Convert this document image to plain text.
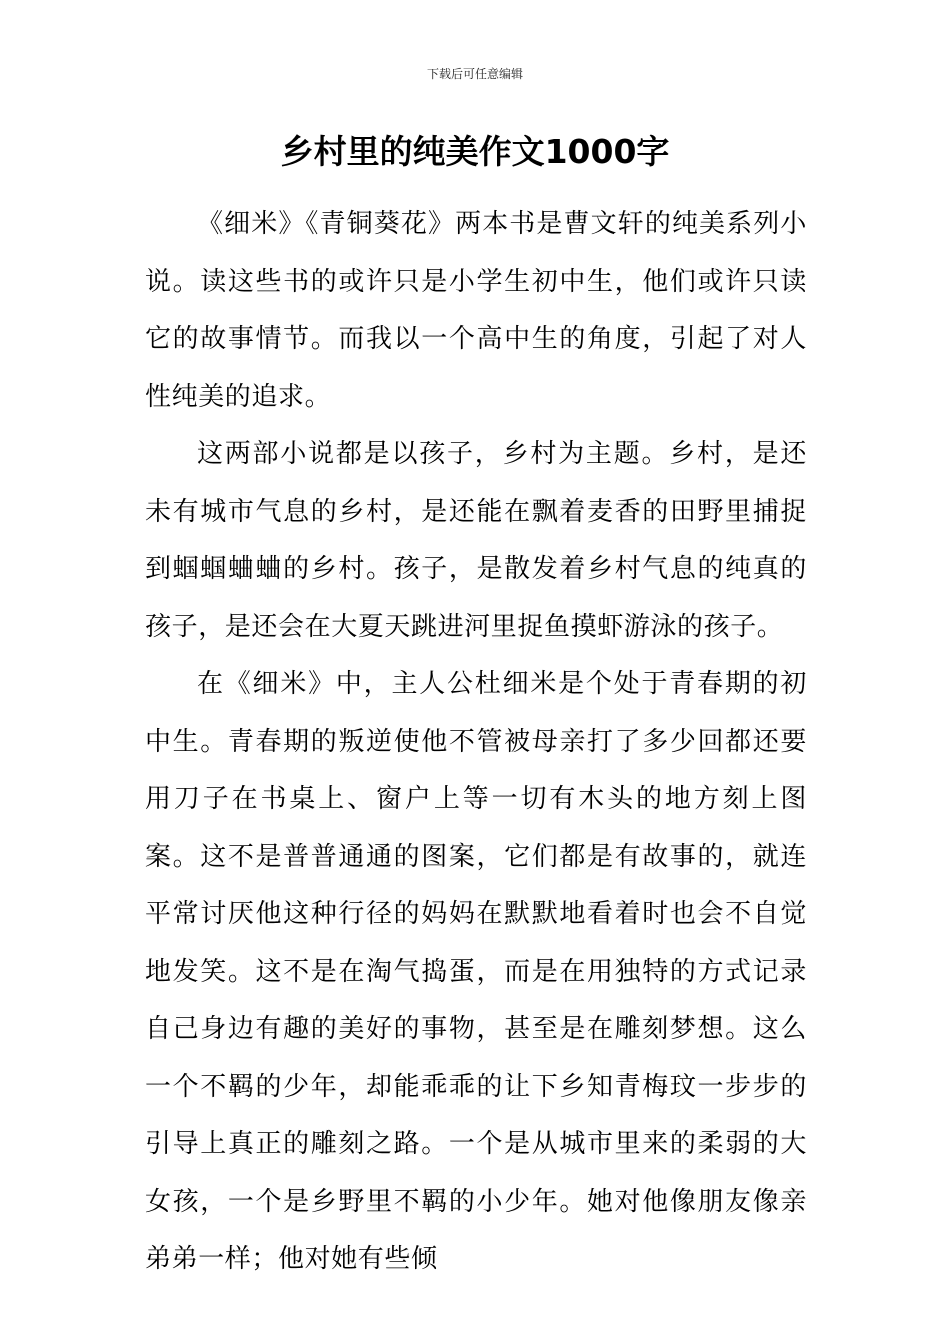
下载后可任意编辑
乡村里的纯美作文1000字

《细米》《青铜葵花》两本书是曹文轩的纯美系列小说。读这些书的或许只是小学生初中生，他们或许只读它的故事情节。而我以一个高中生的角度，引起了对人性纯美的追求。

这两部小说都是以孩子，乡村为主题。乡村，是还未有城市气息的乡村，是还能在飘着麦香的田野里捕捉到蝈蝈蛐蛐的乡村。孩子，是散发着乡村气息的纯真的孩子，是还会在大夏天跳进河里捉鱼摸虾游泳的孩子。

在《细米》中，主人公杜细米是个处于青春期的初中生。青春期的叛逆使他不管被母亲打了多少回都还要用刀子在书桌上、窗户上等一切有木头的地方刻上图案。这不是普普通通的图案，它们都是有故事的，就连平常讨厌他这种行径的妈妈在默默地看着时也会不自觉地发笑。这不是在淘气捣蛋，而是在用独特的方式记录自己身边有趣的美好的事物，甚至是在雕刻梦想。这么一个不羁的少年，却能乖乖的让下乡知青梅玟一步步的引导上真正的雕刻之路。一个是从城市里来的柔弱的大女孩，一个是乡野里不羁的小少年。她对他像朋友像亲弟弟一样；他对她有些倾
